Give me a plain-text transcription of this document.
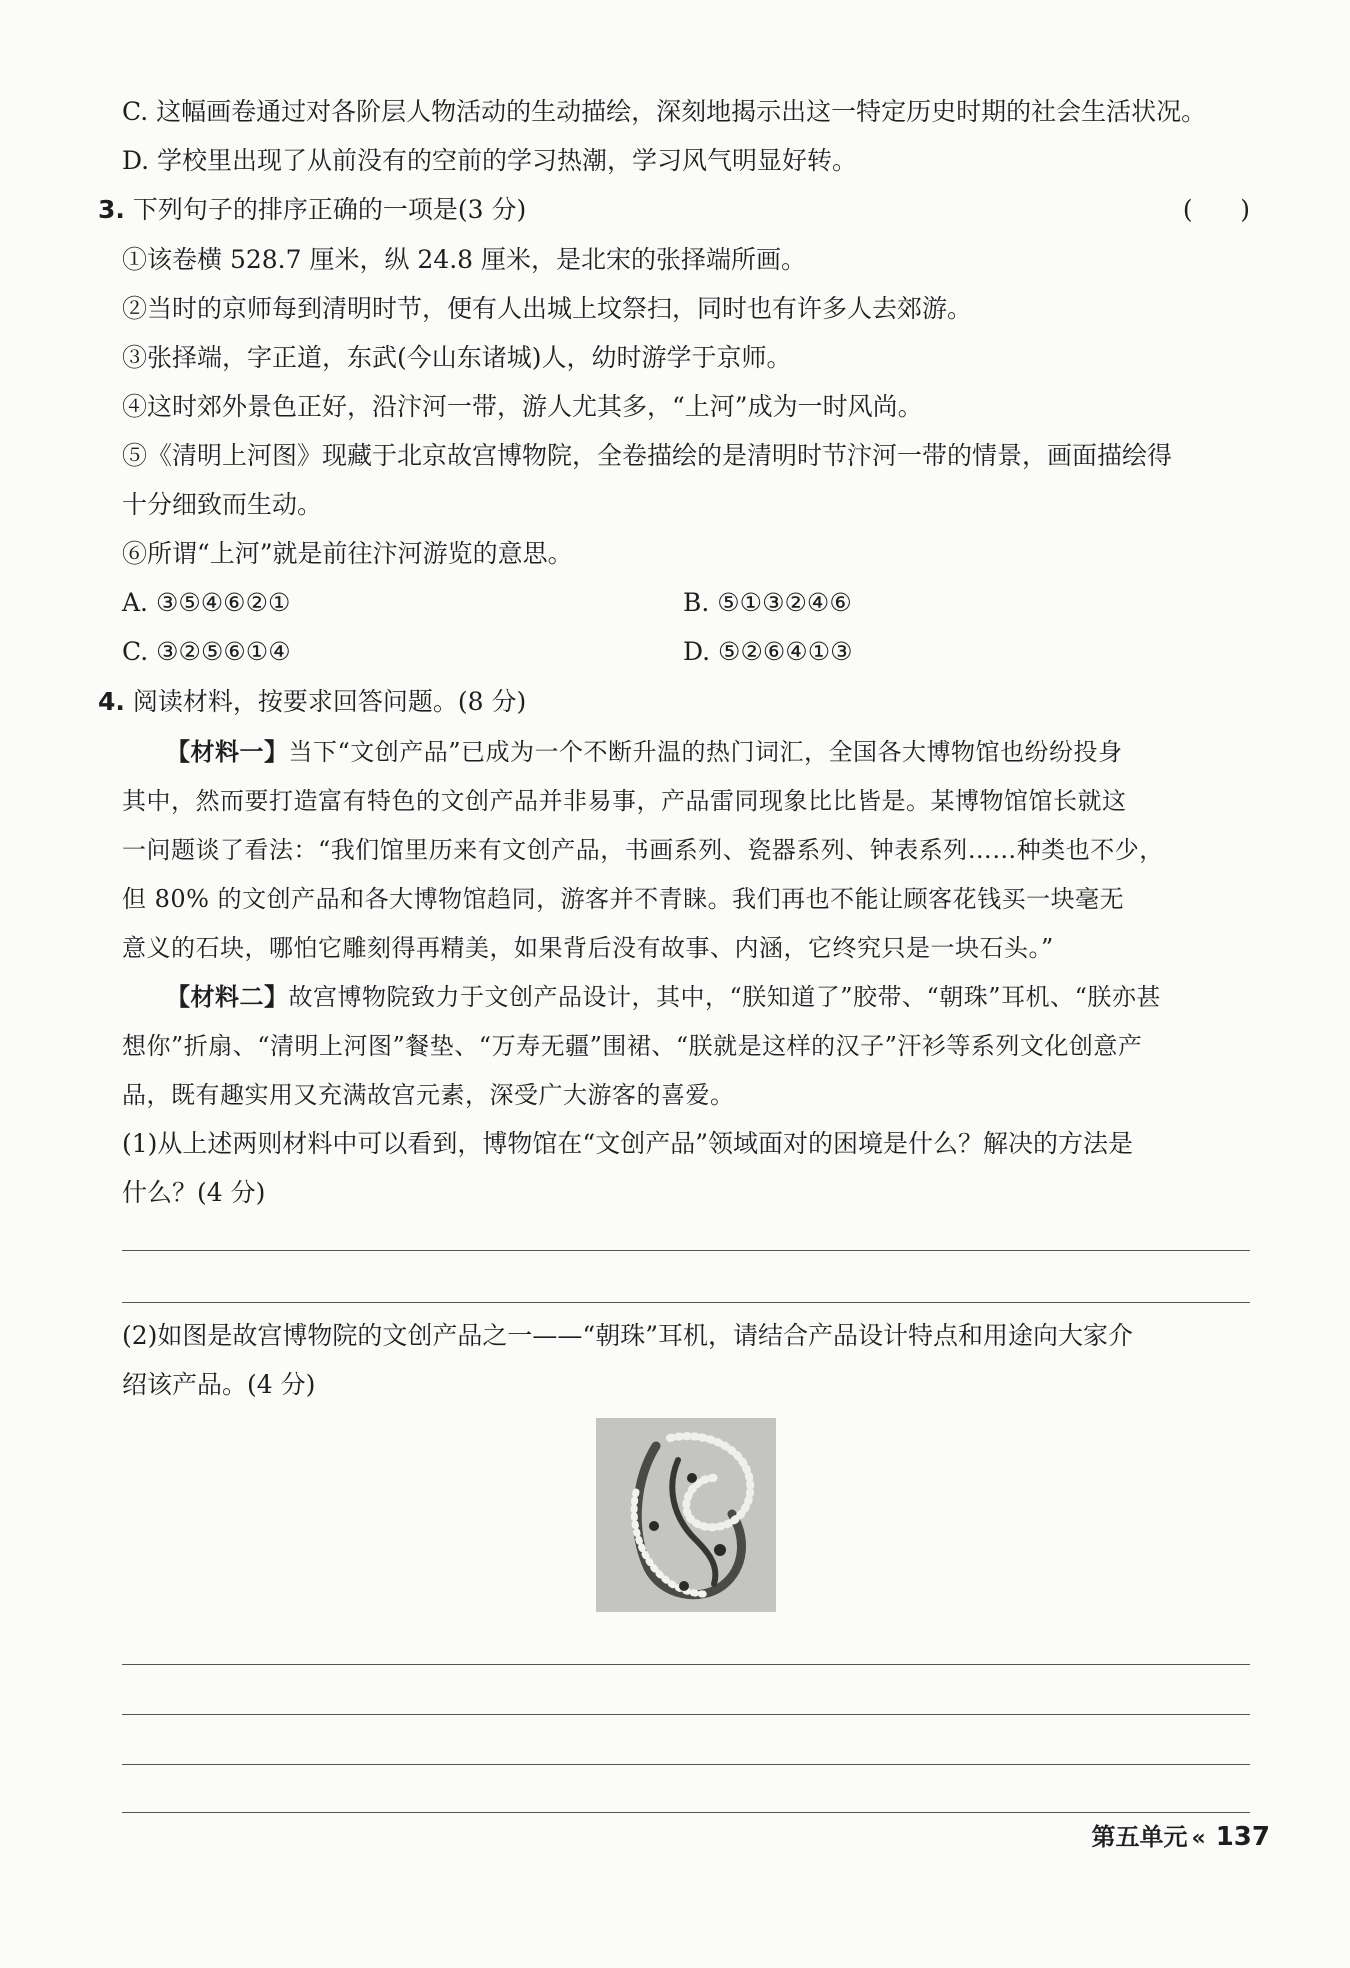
C. 这幅画卷通过对各阶层人物活动的生动描绘，深刻地揭示出这一特定历史时期的社会生活状况。
D. 学校里出现了从前没有的空前的学习热潮，学习风气明显好转。
3. 下列句子的排序正确的一项是(3 分)	(      )
①该卷横 528.7 厘米，纵 24.8 厘米，是北宋的张择端所画。
②当时的京师每到清明时节，便有人出城上坟祭扫，同时也有许多人去郊游。
③张择端，字正道，东武(今山东诸城)人，幼时游学于京师。
④这时郊外景色正好，沿汴河一带，游人尤其多，“上河”成为一时风尚。
⑤《清明上河图》现藏于北京故宫博物院，全卷描绘的是清明时节汴河一带的情景，画面描绘得
十分细致而生动。
⑥所谓“上河”就是前往汴河游览的意思。
A. ③⑤④⑥②①	B. ⑤①③②④⑥
C. ③②⑤⑥①④	D. ⑤②⑥④①③
4. 阅读材料，按要求回答问题。(8 分)
【材料一】当下“文创产品”已成为一个不断升温的热门词汇，全国各大博物馆也纷纷投身
其中，然而要打造富有特色的文创产品并非易事，产品雷同现象比比皆是。某博物馆馆长就这
一问题谈了看法：“我们馆里历来有文创产品，书画系列、瓷器系列、钟表系列……种类也不少，
但 80% 的文创产品和各大博物馆趋同，游客并不青睐。我们再也不能让顾客花钱买一块毫无
意义的石块，哪怕它雕刻得再精美，如果背后没有故事、内涵，它终究只是一块石头。”
【材料二】故宫博物院致力于文创产品设计，其中，“朕知道了”胶带、“朝珠”耳机、“朕亦甚
想你”折扇、“清明上河图”餐垫、“万寿无疆”围裙、“朕就是这样的汉子”汗衫等系列文化创意产
品，既有趣实用又充满故宫元素，深受广大游客的喜爱。
(1)从上述两则材料中可以看到，博物馆在“文创产品”领域面对的困境是什么？解决的方法是
什么？(4 分)
(2)如图是故宫博物院的文创产品之一——“朝珠”耳机，请结合产品设计特点和用途向大家介
绍该产品。(4 分)
第五单元 « 137
